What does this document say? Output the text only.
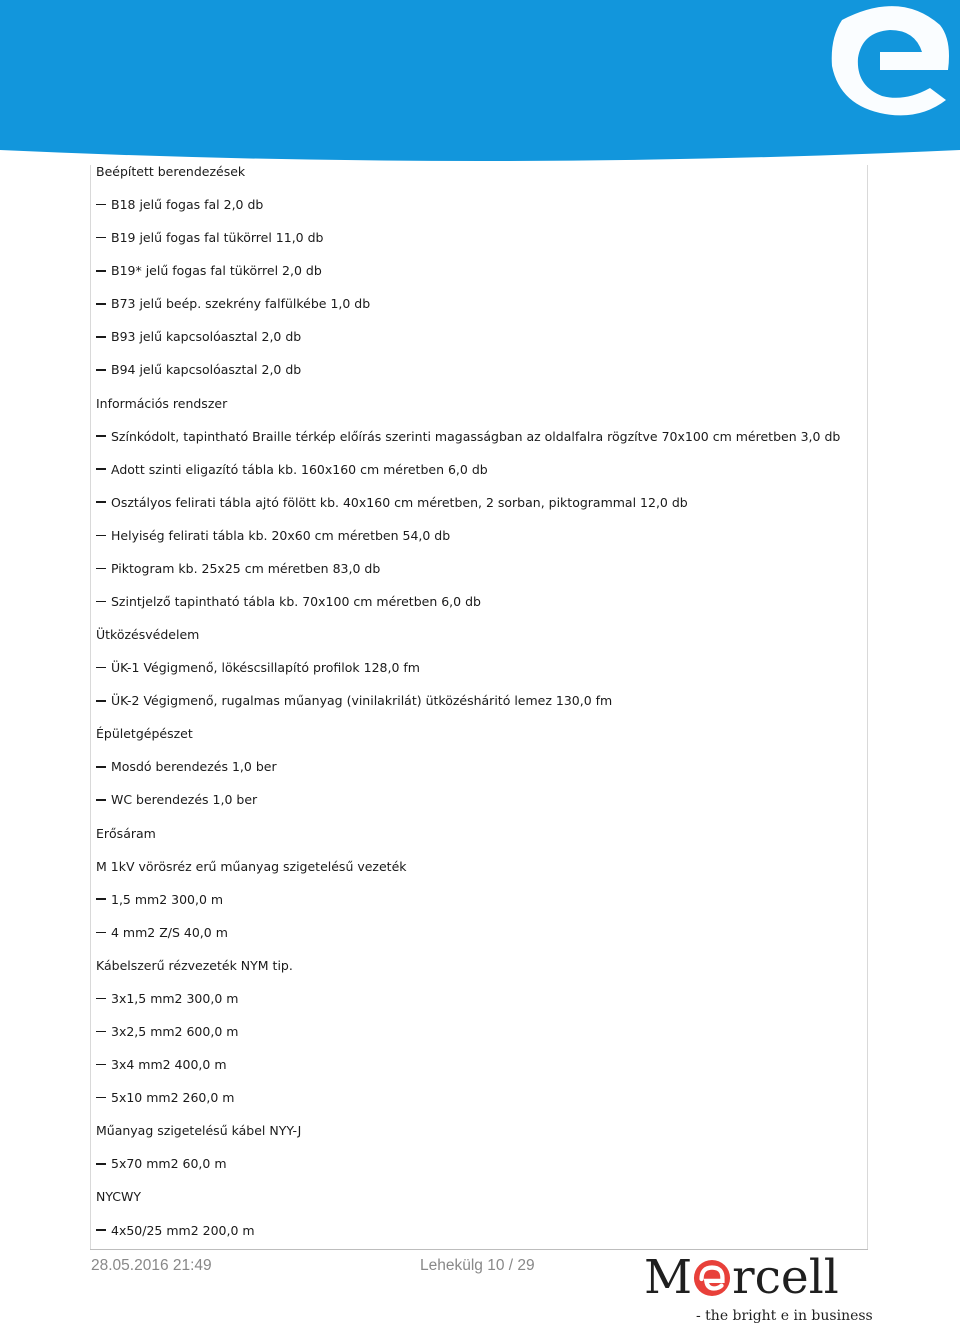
Beépített berendezések
B18 jelű fogas fal 2,0 db
B19 jelű fogas fal tükörrel 11,0 db
B19* jelű fogas fal tükörrel 2,0 db
B73 jelű beép. szekrény falfülkébe 1,0 db
B93 jelű kapcsolóasztal 2,0 db
B94 jelű kapcsolóasztal 2,0 db
Információs rendszer
Színkódolt, tapintható Braille térkép előírás szerinti magasságban az oldalfalra rögzítve 70x100 cm méretben 3,0 db
Adott szinti eligazító tábla kb. 160x160 cm méretben 6,0 db
Osztályos felirati tábla ajtó fölött kb. 40x160 cm méretben, 2 sorban, piktogrammal 12,0 db
Helyiség felirati tábla kb. 20x60 cm méretben 54,0 db
Piktogram kb. 25x25 cm méretben 83,0 db
Szintjelző tapintható tábla kb. 70x100 cm méretben 6,0 db
Ütközésvédelem
ÜK-1 Végigmenő, lökéscsillapító profilok 128,0 fm
ÜK-2 Végigmenő, rugalmas műanyag (vinilakrilát) ütközésháritó lemez 130,0 fm
Épületgépészet
Mosdó berendezés 1,0 ber
WC berendezés 1,0 ber
Erősáram
M 1kV vörösréz erű műanyag szigetelésű vezeték
1,5 mm2 300,0 m
4 mm2 Z/S 40,0 m
Kábelszerű rézvezeték NYM tip.
3x1,5 mm2 300,0 m
3x2,5 mm2 600,0 m
3x4 mm2 400,0 m
5x10 mm2 260,0 m
Műanyag szigetelésű kábel NYY-J
5x70 mm2 60,0 m
NYCWY
4x50/25 mm2 200,0 m
28.05.2016 21:49	Lehekülg 10 / 29 M rcell
- the bright e in business
